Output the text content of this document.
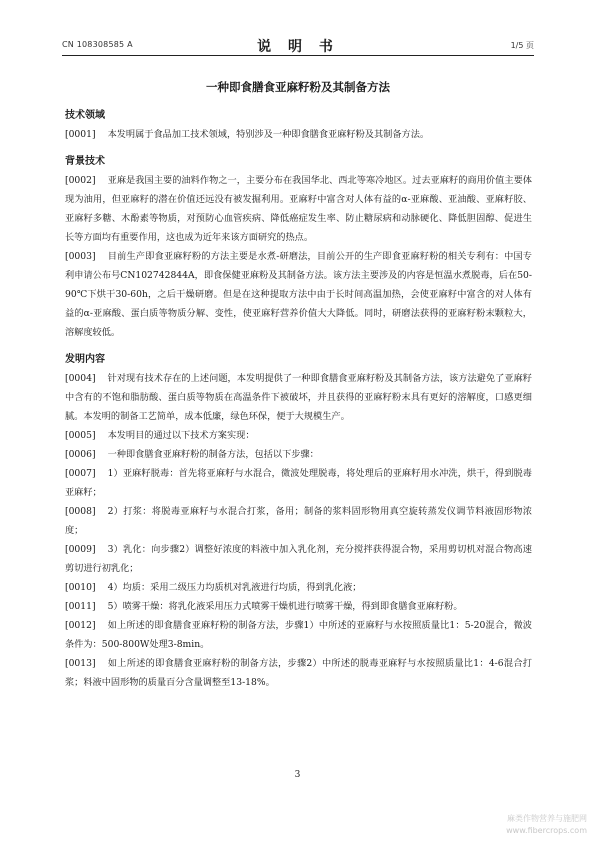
CN 108308585 A	说 明 书	1/5 页
一种即食膳食亚麻籽粉及其制备方法
技术领域

[0001] 本发明属于食品加工技术领域，特别涉及一种即食膳食亚麻籽粉及其制备方法。

背景技术

[0002] 亚麻是我国主要的油料作物之一，主要分布在我国华北、西北等寒冷地区。过去亚麻籽的商用价值主要体现为油用，但亚麻籽的潜在价值还远没有被发掘利用。亚麻籽中富含对人体有益的α-亚麻酸、亚油酸、亚麻籽胶、亚麻籽多糖、木酚素等物质，对预防心血管疾病、降低癌症发生率、防止糖尿病和动脉硬化、降低胆固醇、促进生长等方面均有重要作用，这也成为近年来该方面研究的热点。

[0003] 目前生产即食亚麻籽粉的方法主要是水煮-研磨法，目前公开的生产即食亚麻籽粉的相关专利有：中国专利申请公布号CN102742844A，即食保健亚麻粉及其制备方法。该方法主要涉及的内容是恒温水煮脱毒，后在50-90℃下烘干30-60h，之后干燥研磨。但是在这种提取方法中由于长时间高温加热，会使亚麻籽中富含的对人体有益的α-亚麻酸、蛋白质等物质分解、变性，使亚麻籽营养价值大大降低。同时，研磨法获得的亚麻籽粉末颗粒大，溶解度较低。

发明内容

[0004] 针对现有技术存在的上述问题，本发明提供了一种即食膳食亚麻籽粉及其制备方法，该方法避免了亚麻籽中含有的不饱和脂肪酸、蛋白质等物质在高温条件下被破坏，并且获得的亚麻籽粉末具有更好的溶解度，口感更细腻。本发明的制备工艺简单，成本低廉，绿色环保，便于大规模生产。

[0005] 本发明目的通过以下技术方案实现：

[0006] 一种即食膳食亚麻籽粉的制备方法，包括以下步骤：

[0007] 1）亚麻籽脱毒：首先将亚麻籽与水混合，微波处理脱毒，将处理后的亚麻籽用水冲洗，烘干，得到脱毒亚麻籽；

[0008] 2）打浆：将脱毒亚麻籽与水混合打浆，备用；制备的浆料固形物用真空旋转蒸发仪调节料液固形物浓度；

[0009] 3）乳化：向步骤2）调整好浓度的料液中加入乳化剂，充分搅拌获得混合物，采用剪切机对混合物高速剪切进行初乳化；

[0010] 4）均质：采用二级压力均质机对乳液进行均质，得到乳化液；

[0011] 5）喷雾干燥：将乳化液采用压力式喷雾干燥机进行喷雾干燥，得到即食膳食亚麻籽粉。

[0012] 如上所述的即食膳食亚麻籽粉的制备方法，步骤1）中所述的亚麻籽与水按照质量比1：5-20混合，微波条件为：500-800W处理3-8min。

[0013] 如上所述的即食膳食亚麻籽粉的制备方法，步骤2）中所述的脱毒亚麻籽与水按照质量比1：4-6混合打浆；料液中固形物的质量百分含量调整至13-18%。

3
麻类作物营养与施肥网
www.fibercrops.com
